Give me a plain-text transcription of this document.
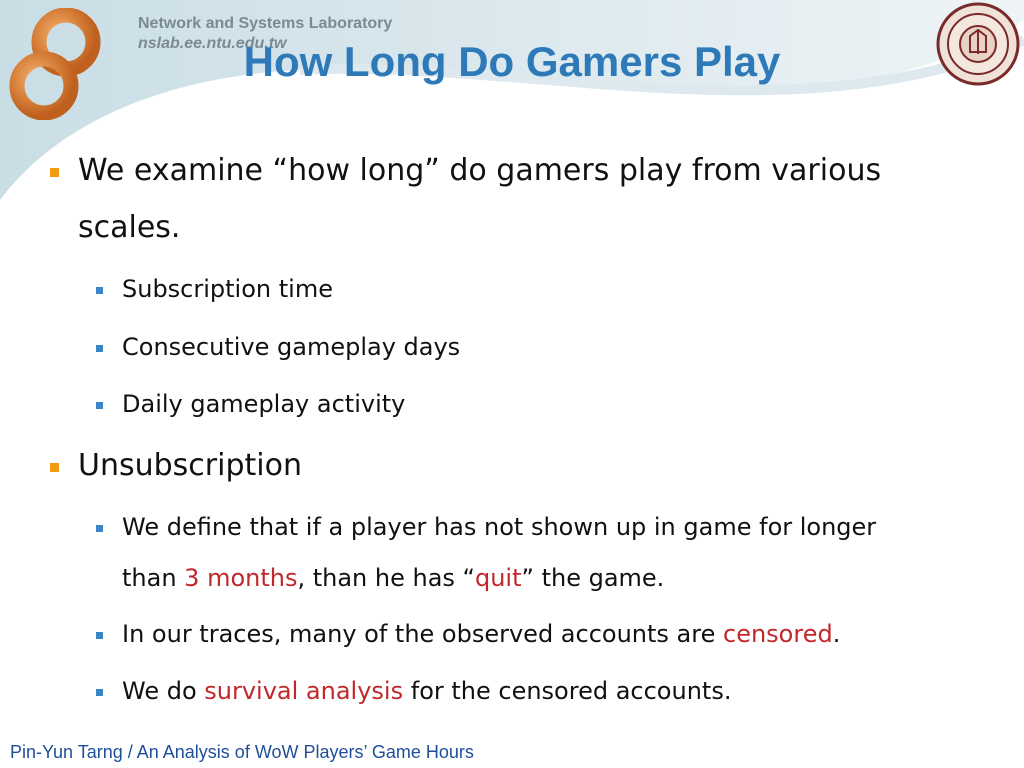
Network and Systems Laboratory
nslab.ee.ntu.edu.tw
How Long Do Gamers Play
We examine “how long” do gamers play from various
scales.
Subscription time
Consecutive gameplay days
Daily gameplay activity
Unsubscription
We define that if a player has not shown up in game for longer
than 3 months, than he has “quit” the game.
In our traces, many of the observed accounts are censored.
We do survival analysis for the censored accounts.
Pin-Yun Tarng / An Analysis of WoW Players’ Game Hours
